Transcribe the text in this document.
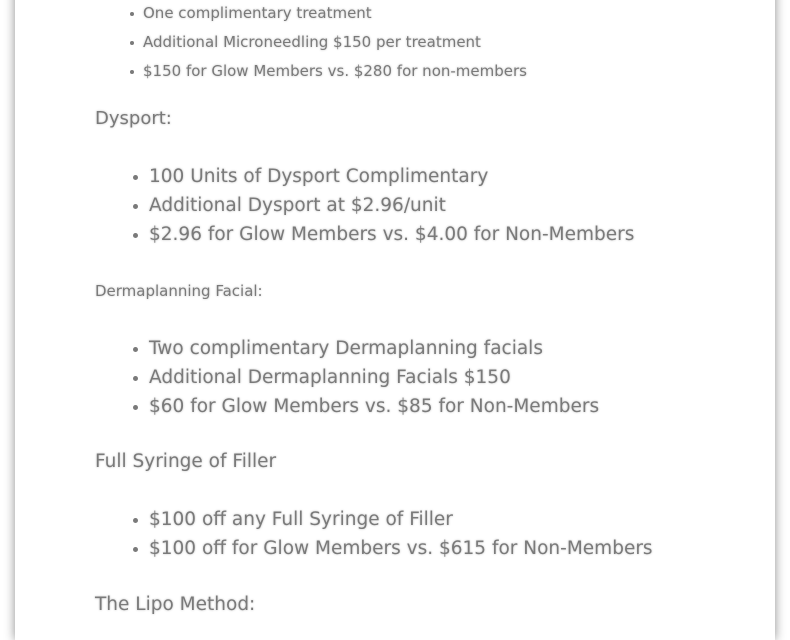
One complimentary treatment
Additional Microneedling $150 per treatment
$150 for Glow Members vs. $280 for non-members

Dysport:

100 Units of Dysport Complimentary
Additional Dysport at $2.96/unit
$2.96 for Glow Members vs. $4.00 for Non-Members

Dermaplanning Facial:

Two complimentary Dermaplanning facials
Additional Dermaplanning Facials $150
$60 for Glow Members vs. $85 for Non-Members

Full Syringe of Filler

$100 off any Full Syringe of Filler
$100 off for Glow Members vs. $615 for Non-Members

The Lipo Method:
